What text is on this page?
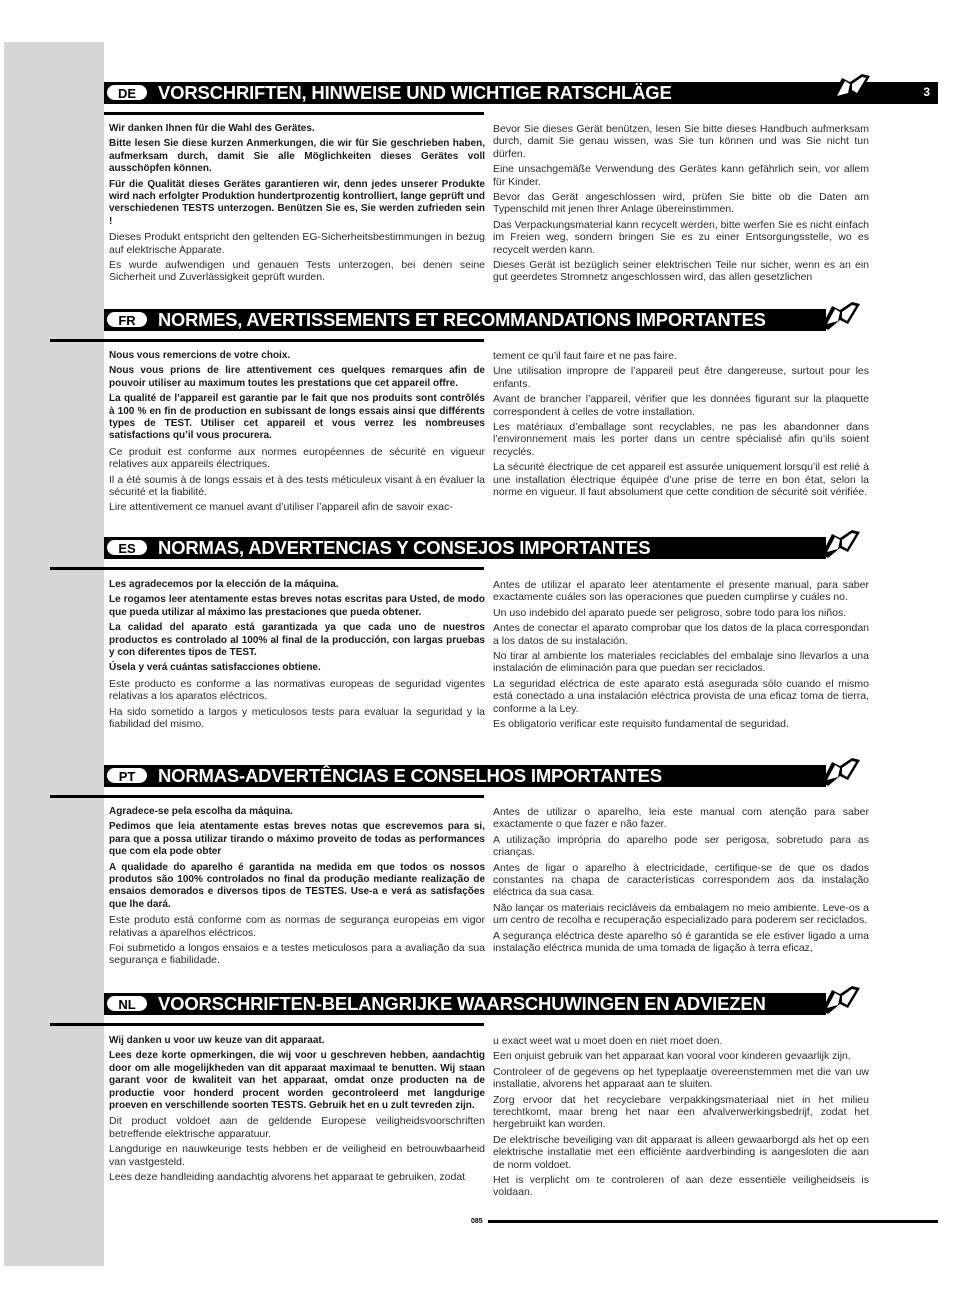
DE	VORSCHRIFTEN, HINWEISE UND WICHTIGE RATSCHLÄGE	3

Wir danken Ihnen für die Wahl des Gerätes.

Bitte lesen Sie diese kurzen Anmerkungen, die wir für Sie geschrieben haben, aufmerksam durch, damit Sie alle Möglichkeiten dieses Gerätes voll ausschöpfen können.

Für die Qualität dieses Gerätes garantieren wir, denn jedes unserer Produkte wird nach erfolgter Produktion hundertprozentig kontrolliert, lange geprüft und verschiedenen TESTS unterzogen. Benützen Sie es, Sie werden zufrieden sein !

Dieses Produkt entspricht den geltenden EG-Sicherheitsbestimmungen in bezug auf elektrische Apparate.

Es wurde aufwendigen und genauen Tests unterzogen, bei denen seine Sicherheit und Zuverlässigkeit geprüft wurden.

Bevor Sie dieses Gerät benützen, lesen Sie bitte dieses Handbuch aufmerksam durch, damit Sie genau wissen, was Sie tun können und was Sie nicht tun dürfen.

Eine unsachgemäße Verwendung des Gerätes kann gefährlich sein, vor allem für Kinder.

Bevor das Gerät angeschlossen wird, prüfen Sie bitte ob die Daten am Typenschild mit jenen Ihrer Anlage übereinstimmen.

Das Verpackungsmaterial kann recycelt werden, bitte werfen Sie es nicht einfach im Freien weg, sondern bringen Sie es zu einer Entsorgungsstelle, wo es recycelt werden kann.

Dieses Gerät ist bezüglich seiner elektrischen Teile nur sicher, wenn es an ein gut geerdetes Stromnetz angeschlossen wird, das allen gesetzlichen

FR	NORMES, AVERTISSEMENTS ET RECOMMANDATIONS IMPORTANTES

Nous vous remercions de votre choix.

Nous vous prions de lire attentivement ces quelques remarques afin de pouvoir utiliser au maximum toutes les prestations que cet appareil offre.

La qualité de l’appareil est garantie par le fait que nos produits sont contrôlés à 100 % en fin de production en subissant de longs essais ainsi que différents types de TEST. Utiliser cet appareil et vous verrez les nombreuses satisfactions qu’il vous procurera.

Ce produit est conforme aux normes européennes de sécurité en vigueur relatives aux appareils électriques.

Il a été soumis à de longs essais et à des tests méticuleux visant à en évaluer la sécurité et la fiabilité.

Lire attentivement ce manuel avant d’utiliser l’appareil afin de savoir exac-

tement ce qu’il faut faire et ne pas faire.

Une utilisation impropre de l’appareil peut être dangereuse, surtout pour les enfants.

Avant de brancher l’appareil, vérifier que les données figurant sur la plaquette correspondent à celles de votre installation.

Les matériaux d’emballage sont recyclables, ne pas les abandonner dans l’environnement mais les porter dans un centre spécialisé afin qu’ils soient recyclés.

La sécurité électrique de cet appareil est assurée uniquement lorsqu’il est relié à une installation électrique équipée d’une prise de terre en bon état, selon la norme en vigueur. Il faut absolument que cette condition de sécurité soit vérifiée.

ES	NORMAS, ADVERTENCIAS Y CONSEJOS IMPORTANTES

Les agradecemos por la elección de la máquina.

Le rogamos leer atentamente estas breves notas escritas para Usted, de modo que pueda utilizar al máximo las prestaciones que pueda obtener.

La calidad del aparato está garantizada ya que cada uno de nuestros productos es controlado al 100% al final de la producción, con largas pruebas y con diferentes tipos de TEST.

Úsela y verá cuántas satisfacciones obtiene.

Este producto es conforme a las normativas europeas de seguridad vigentes relativas a los aparatos eléctricos.

Ha sido sometido a largos y meticulosos tests para evaluar la seguridad y la fiabilidad del mismo.

Antes de utilizar el aparato leer atentamente el presente manual, para saber exactamente cuáles son las operaciones que pueden cumplirse y cuáles no.

Un uso indebido del aparato puede ser peligroso, sobre todo para los niños.

Antes de conectar el aparato comprobar que los datos de la placa correspondan a los datos de su instalación.

No tirar al ambiente los materiales reciclables del embalaje sino llevarlos a una instalación de eliminación para que puedan ser reciclados.

La seguridad eléctrica de este aparato está asegurada sólo cuando el mismo está conectado a una instalación eléctrica provista de una eficaz toma de tierra, conforme a la Ley.

Es obligatorio verificar este requisito fundamental de seguridad.

PT	NORMAS-ADVERTÊNCIAS E CONSELHOS IMPORTANTES

Agradece-se pela escolha da máquina.

Pedimos que leia atentamente estas breves notas que escrevemos para si, para que a possa utilizar tirando o máximo proveito de todas as performances que com ela pode obter

A qualidade do aparelho é garantida na medida em que todos os nossos produtos são 100% controlados no final da produção mediante realização de ensaios demorados e diversos tipos de TESTES. Use-a e verá as satisfações que lhe dará.

Este produto está conforme com as normas de segurança europeias em vigor relativas a aparelhos eléctricos.

Foi submetido a longos ensaios e a testes meticulosos para a avaliação da sua segurança e fiabilidade.

Antes de utilizar o aparelho, leia este manual com atenção para saber exactamente o que fazer e não fazer.

A utilização imprópria do aparelho pode ser perigosa, sobretudo para as crianças.

Antes de ligar o aparelho à electricidade, certifique-se de que os dados constantes na chapa de características correspondem aos da instalação eléctrica da sua casa.

Não lançar os materiais recicláveis da embalagem no meio ambiente. Leve-os a um centro de recolha e recuperação especializado para poderem ser reciclados.

A segurança eléctrica deste aparelho só é garantida se ele estiver ligado a uma instalação eléctrica munida de uma tomada de ligação à terra eficaz,

NL	VOORSCHRIFTEN-BELANGRIJKE WAARSCHUWINGEN EN ADVIEZEN

Wij danken u voor uw keuze van dit apparaat.

Lees deze korte opmerkingen, die wij voor u geschreven hebben, aandachtig door om alle mogelijkheden van dit apparaat maximaal te benutten. Wij staan garant voor de kwaliteit van het apparaat, omdat onze producten na de productie voor honderd procent worden gecontroleerd met langdurige proeven en verschillende soorten TESTS. Gebruik het en u zult tevreden zijn.

Dit product voldoet aan de geldende Europese veiligheidsvoorschriften betreffende elektrische apparatuur.

Langdurige en nauwkeurige tests hebben er de veiligheid en betrouwbaarheid van vastgesteld.

Lees deze handleiding aandachtig alvorens het apparaat te gebruiken, zodat

u exact weet wat u moet doen en niet moet doen.

Een onjuist gebruik van het apparaat kan vooral voor kinderen gevaarlijk zijn.

Controleer of de gegevens op het typeplaatje overeenstemmen met die van uw installatie, alvorens het apparaat aan te sluiten.

Zorg ervoor dat het recyclebare verpakkingsmateriaal niet in het milieu terechtkomt, maar breng het naar een afvalverwerkingsbedrijf, zodat het hergebruikt kan worden.

De elektrische beveiliging van dit apparaat is alleen gewaarborgd als het op een elektrische installatie met een efficiënte aardverbinding is aangesloten die aan de norm voldoet.

Het is verplicht om te controleren of aan deze essentiële veiligheidseis is voldaan.

085
